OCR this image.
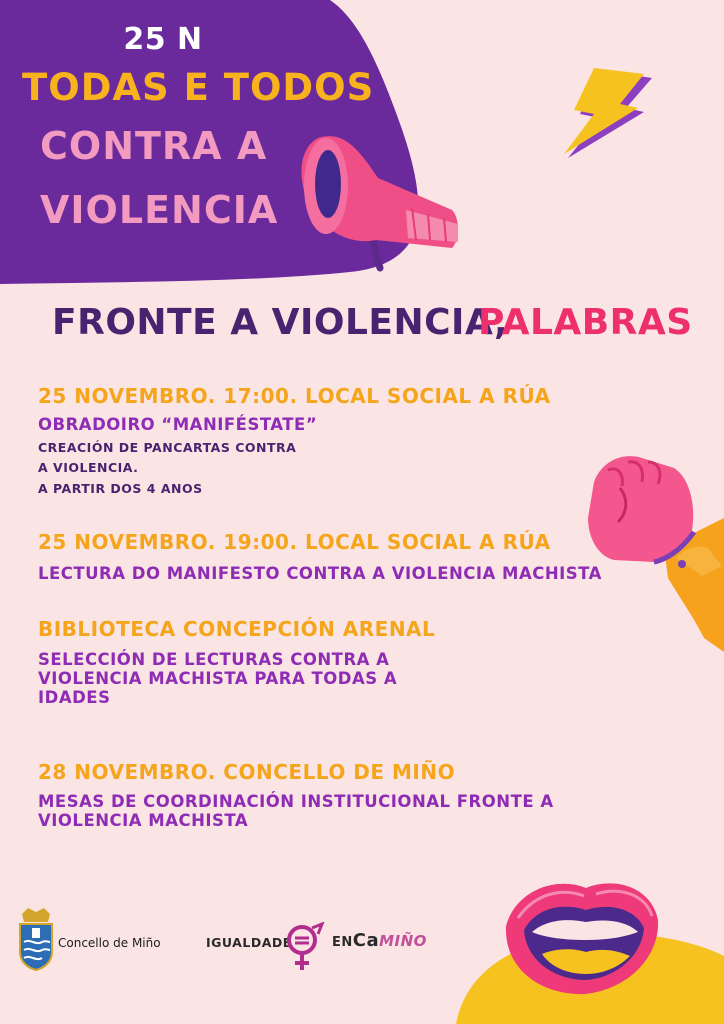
25 N
TODAS E TODOS
CONTRA A
VIOLENCIA
FRONTE A VIOLENCIA,
PALABRAS
25 NOVEMBRO. 17:00. LOCAL SOCIAL A RÚA
OBRADOIRO “MANIFÉSTATE”
CREACIÓN DE PANCARTAS CONTRA
A VIOLENCIA.
A PARTIR DOS 4 ANOS
25 NOVEMBRO. 19:00. LOCAL SOCIAL A RÚA
LECTURA DO MANIFESTO CONTRA A VIOLENCIA MACHISTA
BIBLIOTECA CONCEPCIÓN ARENAL
SELECCIÓN DE LECTURAS CONTRA A
VIOLENCIA MACHISTA PARA TODAS A
IDADES
28 NOVEMBRO. CONCELLO DE MIÑO
MESAS DE COORDINACIÓN INSTITUCIONAL FRONTE A
VIOLENCIA MACHISTA
Concello de Miño	IGUALDADE	ENCaMIÑO
